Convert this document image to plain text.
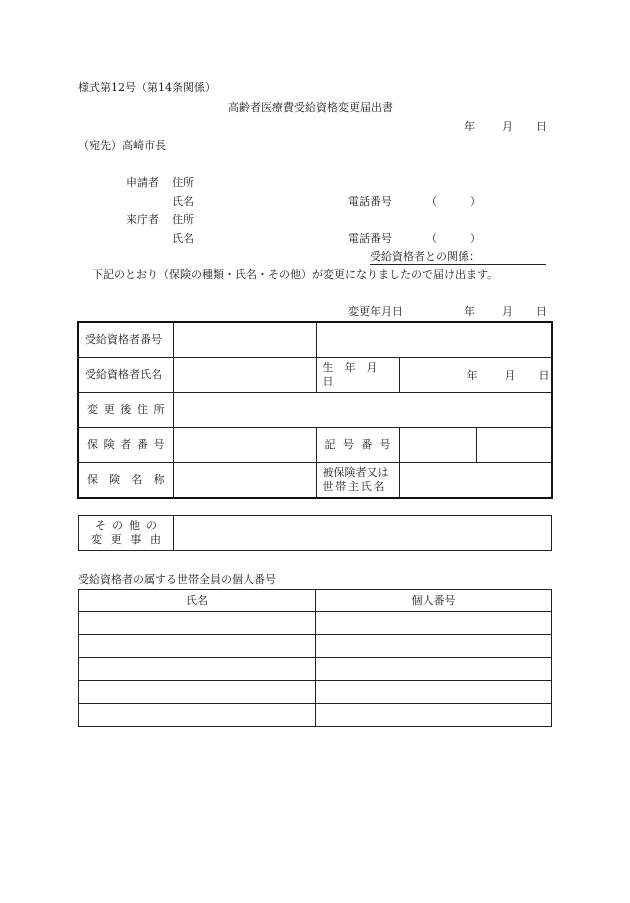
様式第12号（第14条関係）
高齢者医療費受給資格変更届出書
年 月 日
（宛先）高崎市長
申請者 住所
氏名	電話番号	（　　　）
来庁者 住所
氏名	電話番号	（　　　）
受給資格者との関係：
下記のとおり（保険の種類・氏名・その他）が変更になりましたので届け出ます。
変更年月日	年 月 日
受給資格者番号				
受給資格者氏名		生　年　月　日	年 月 日	

変更後住所				
保険者番号		記号番号		
保険名称		被保険者又は
世帯主氏名		

その他の
変更事由

受給資格者の属する世帯全員の個人番号
氏名	個人番号
